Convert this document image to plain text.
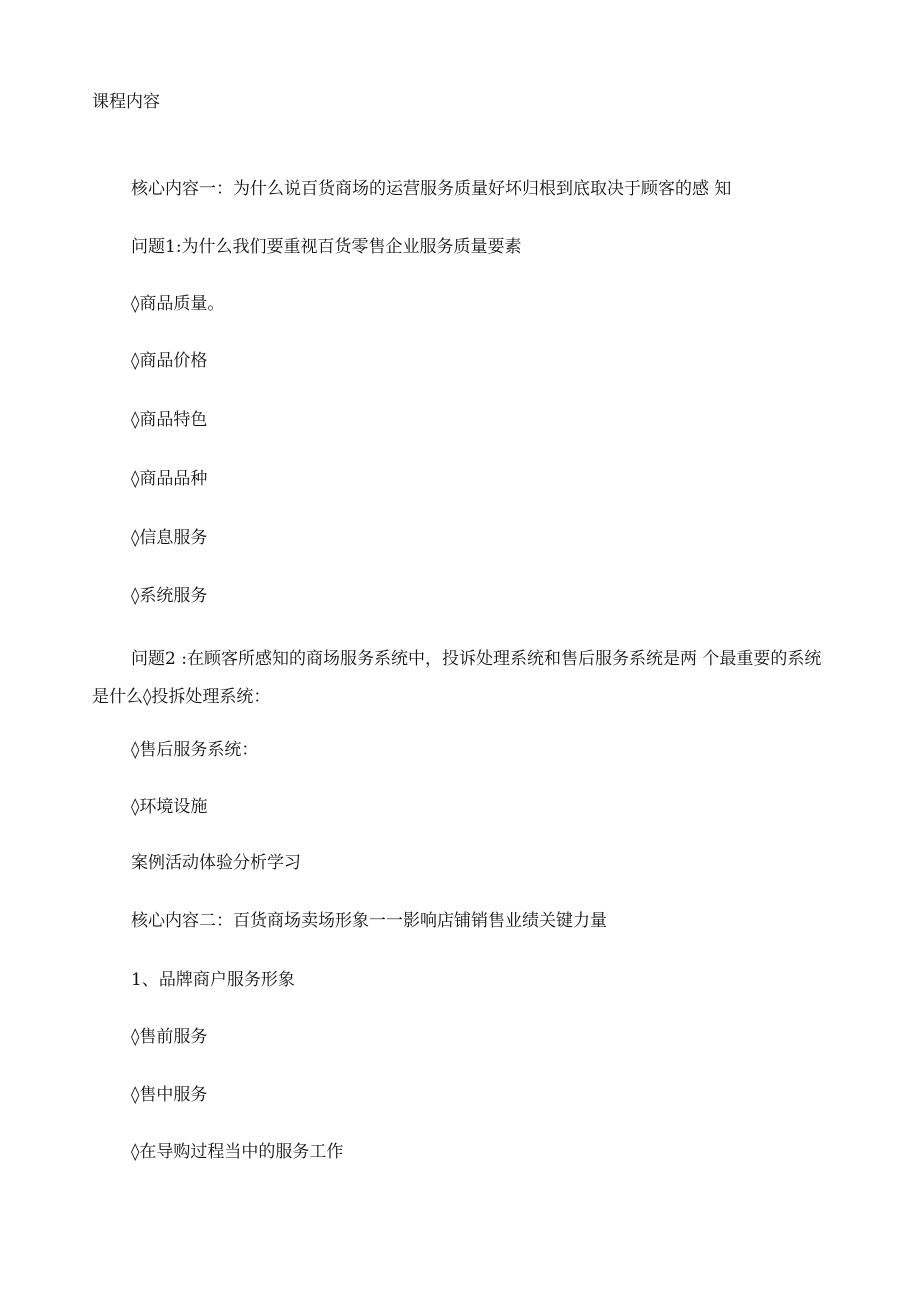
课程内容
核心内容一：为什么说百货商场的运营服务质量好坏归根到底取决于顾客的感 知
问题1:为什么我们要重视百货零售企业服务质量要素
◊商品质量。
◊商品价格
◊商品特色
◊商品品种
◊信息服务
◊系统服务
问题2 :在顾客所感知的商场服务系统中，投诉处理系统和售后服务系统是两 个最重要的系统是什么◊投拆处理系统：
◊售后服务系统：
◊环境设施
案例活动体验分析学习
核心内容二：百货商场卖场形象一一影响店铺销售业绩关键力量
1、品牌商户服务形象
◊售前服务
◊售中服务
◊在导购过程当中的服务工作
